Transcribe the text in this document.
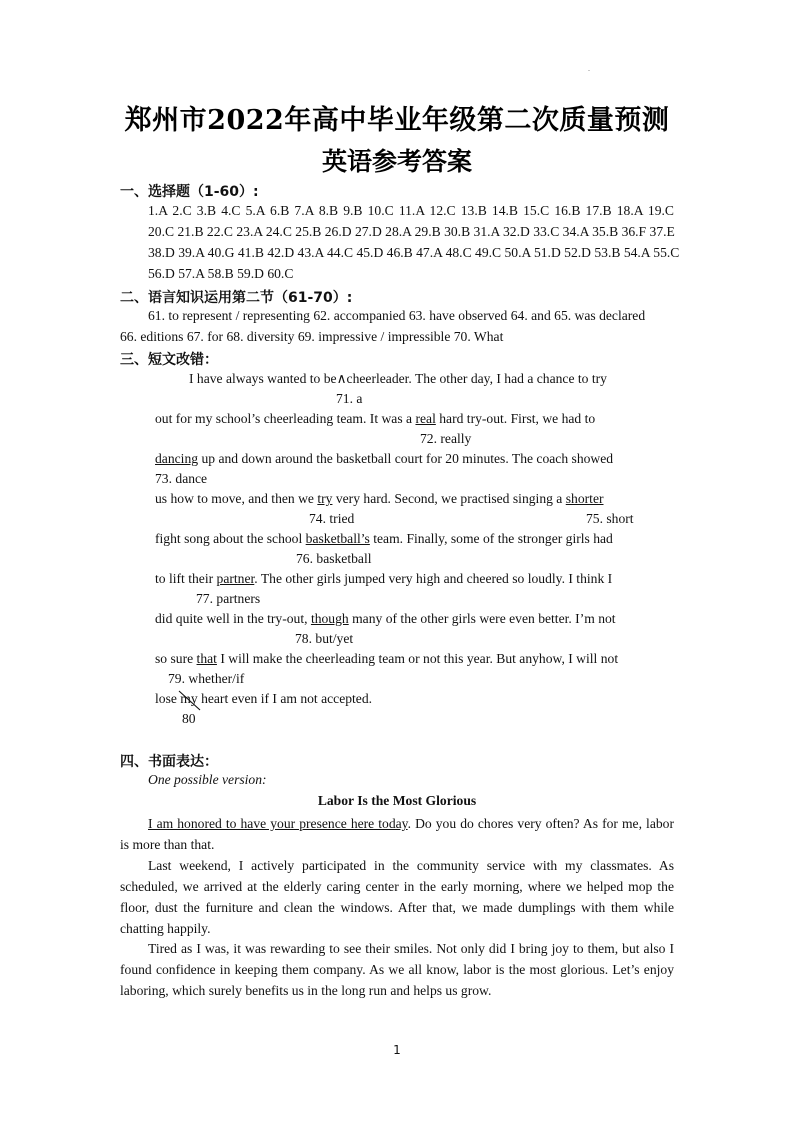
.
郑州市2022年高中毕业年级第二次质量预测
英语参考答案
一、选择题（1-60）:
1.A 2.C 3.B 4.C 5.A 6.B 7.A 8.B 9.B 10.C 11.A 12.C 13.B 14.B 15.C 16.B 17.B 18.A 19.C
20.C 21.B 22.C 23.A 24.C 25.B 26.D 27.D 28.A 29.B 30.B 31.A 32.D 33.C 34.A 35.B 36.F 37.E
38.D 39.A 40.G 41.B 42.D 43.A 44.C 45.D 46.B 47.A 48.C 49.C 50.A 51.D 52.D 53.B 54.A 55.C
56.D 57.A 58.B 59.D 60.C
二、语言知识运用第二节（61-70）:
61. to represent / representing 62. accompanied 63. have observed 64. and 65. was declared
66. editions 67. for 68. diversity 69. impressive / impressible 70. What
三、短文改错：
I have always wanted to be∧cheerleader. The other day, I had a chance to try
71. a
out for my school’s cheerleading team. It was a real hard try-out. First, we had to
72. really
dancing up and down around the basketball court for 20 minutes. The coach showed
73. dance
us how to move, and then we try very hard. Second, we practised singing a shorter
74. tried	75. short
fight song about the school basketball’s team. Finally, some of the stronger girls had
76. basketball
to lift their partner. The other girls jumped very high and cheered so loudly. I think I
77. partners
did quite well in the try-out, though many of the other girls were even better. I’m not
78. but/yet
so sure that I will make the cheerleading team or not this year. But anyhow, I will not
79. whether/if
lose my heart even if I am not accepted.
80
四、书面表达：
One possible version:
Labor Is the Most Glorious
I am honored to have your presence here today. Do you do chores very often? As for me, labor is more than that.
Last weekend, I actively participated in the community service with my classmates. As scheduled, we arrived at the elderly caring center in the early morning, where we helped mop the floor, dust the furniture and clean the windows. After that, we made dumplings with them while chatting happily.
Tired as I was, it was rewarding to see their smiles. Not only did I bring joy to them, but also I found confidence in keeping them company. As we all know, labor is the most glorious. Let’s enjoy laboring, which surely benefits us in the long run and helps us grow.
1
